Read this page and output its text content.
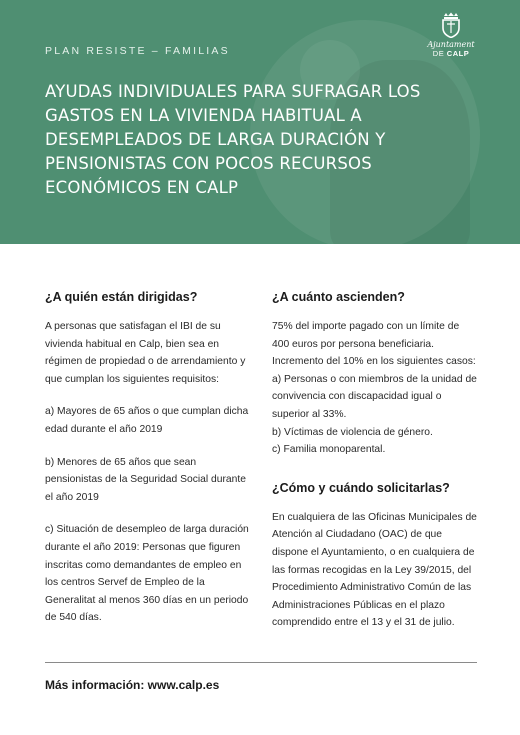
PLAN RESISTE – FAMILIAS
Ajuntament
DE CALP
AYUDAS INDIVIDUALES PARA SUFRAGAR LOS GASTOS EN LA VIVIENDA HABITUAL A DESEMPLEADOS DE LARGA DURACIÓN Y PENSIONISTAS CON POCOS RECURSOS ECONÓMICOS EN CALP
¿A quién están dirigidas?

A personas que satisfagan el IBI de su vivienda habitual en Calp, bien sea en régimen de propiedad o de arrendamiento y que cumplan los siguientes requisitos:

a) Mayores de 65 años o que cumplan dicha edad durante el año 2019

b) Menores de 65 años que sean pensionistas de la Seguridad Social durante el año 2019

c) Situación de desempleo de larga duración durante el año 2019: Personas que figuren inscritas como demandantes de empleo en los centros Servef de Empleo de la Generalitat al menos 360 días en un periodo de 540 días.

¿A cuánto ascienden?

75% del importe pagado con un límite de 400 euros por persona beneficiaria. Incremento del 10% en los siguientes casos:

a) Personas o con miembros de la unidad de convivencia con discapacidad igual o superior al 33%.

b) Víctimas de violencia de género.

c) Familia monoparental.

¿Cómo y cuándo solicitarlas?

En cualquiera de las Oficinas Municipales de Atención al Ciudadano (OAC) de que dispone el Ayuntamiento, o en cualquiera de las formas recogidas en la Ley 39/2015, del Procedimiento Administrativo Común de las Administraciones Públicas en el plazo comprendido entre el 13 y el 31 de julio.

Más información: www.calp.es
